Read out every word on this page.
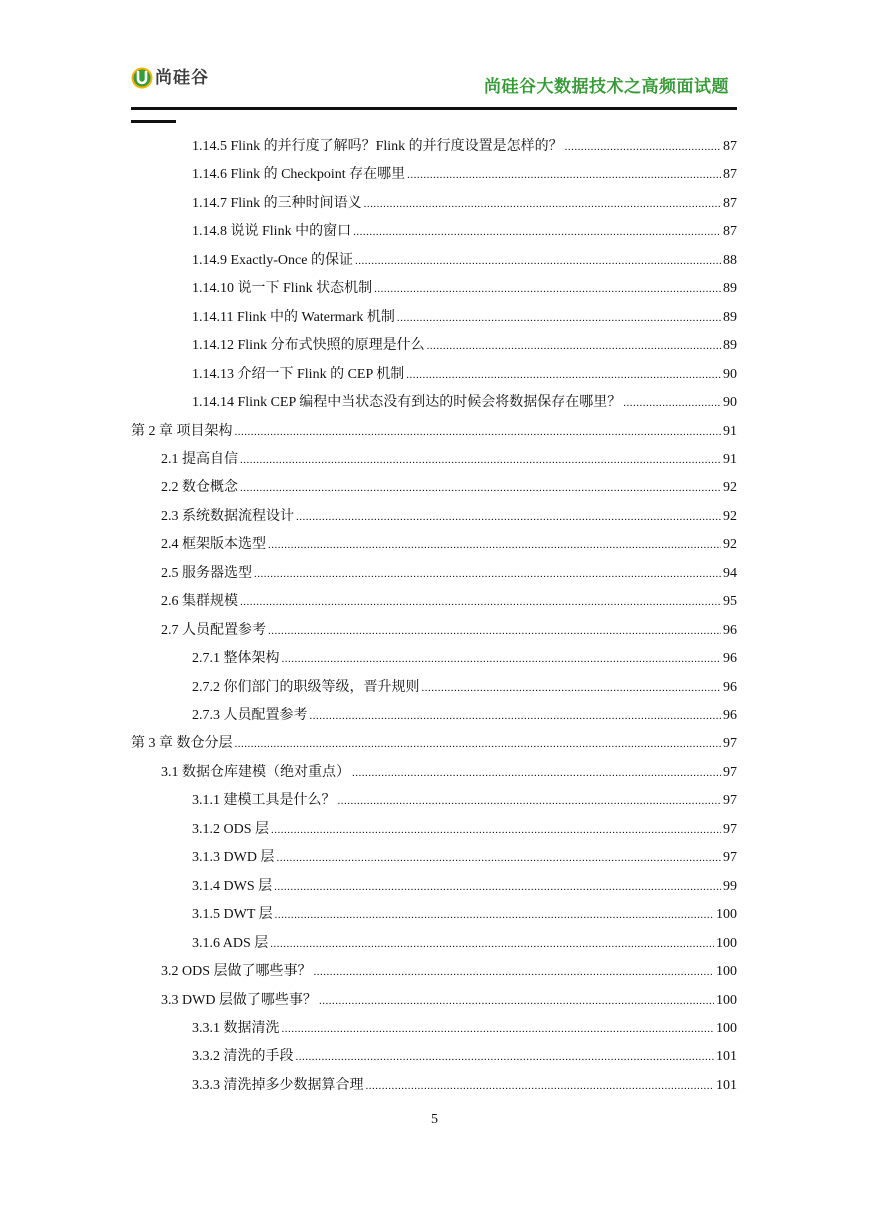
尚硅谷	尚硅谷大数据技术之高频面试题
1.14.5 Flink 的并行度了解吗？Flink 的并行度设置是怎样的？ .....	87
1.14.6 Flink 的 Checkpoint 存在哪里 .....	87
1.14.7 Flink 的三种时间语义 .....	87
1.14.8 说说 Flink 中的窗口 .....	87
1.14.9 Exactly-Once 的保证 .....	88
1.14.10 说一下 Flink 状态机制 .....	89
1.14.11 Flink 中的 Watermark 机制 .....	89
1.14.12 Flink 分布式快照的原理是什么 .....	89
1.14.13 介绍一下 Flink 的 CEP 机制 .....	90
1.14.14 Flink CEP 编程中当状态没有到达的时候会将数据保存在哪里？ .....	90
第 2 章 项目架构 .....	91
2.1 提高自信 .....	91
2.2 数仓概念 .....	92
2.3 系统数据流程设计 .....	92
2.4 框架版本选型 .....	92
2.5 服务器选型 .....	94
2.6 集群规模 .....	95
2.7 人员配置参考 .....	96
2.7.1 整体架构 .....	96
2.7.2 你们部门的职级等级，晋升规则 .....	96
2.7.3 人员配置参考 .....	96
第 3 章 数仓分层 .....	97
3.1 数据仓库建模（绝对重点） .....	97
3.1.1 建模工具是什么？ .....	97
3.1.2 ODS 层 .....	97
3.1.3 DWD 层 .....	97
3.1.4 DWS 层 .....	99
3.1.5 DWT 层 .....	100
3.1.6 ADS 层 .....	100
3.2 ODS 层做了哪些事？ .....	100
3.3 DWD 层做了哪些事？ .....	100
3.3.1 数据清洗 .....	100
3.3.2 清洗的手段 .....	101
3.3.3 清洗掉多少数据算合理 .....	101
5
